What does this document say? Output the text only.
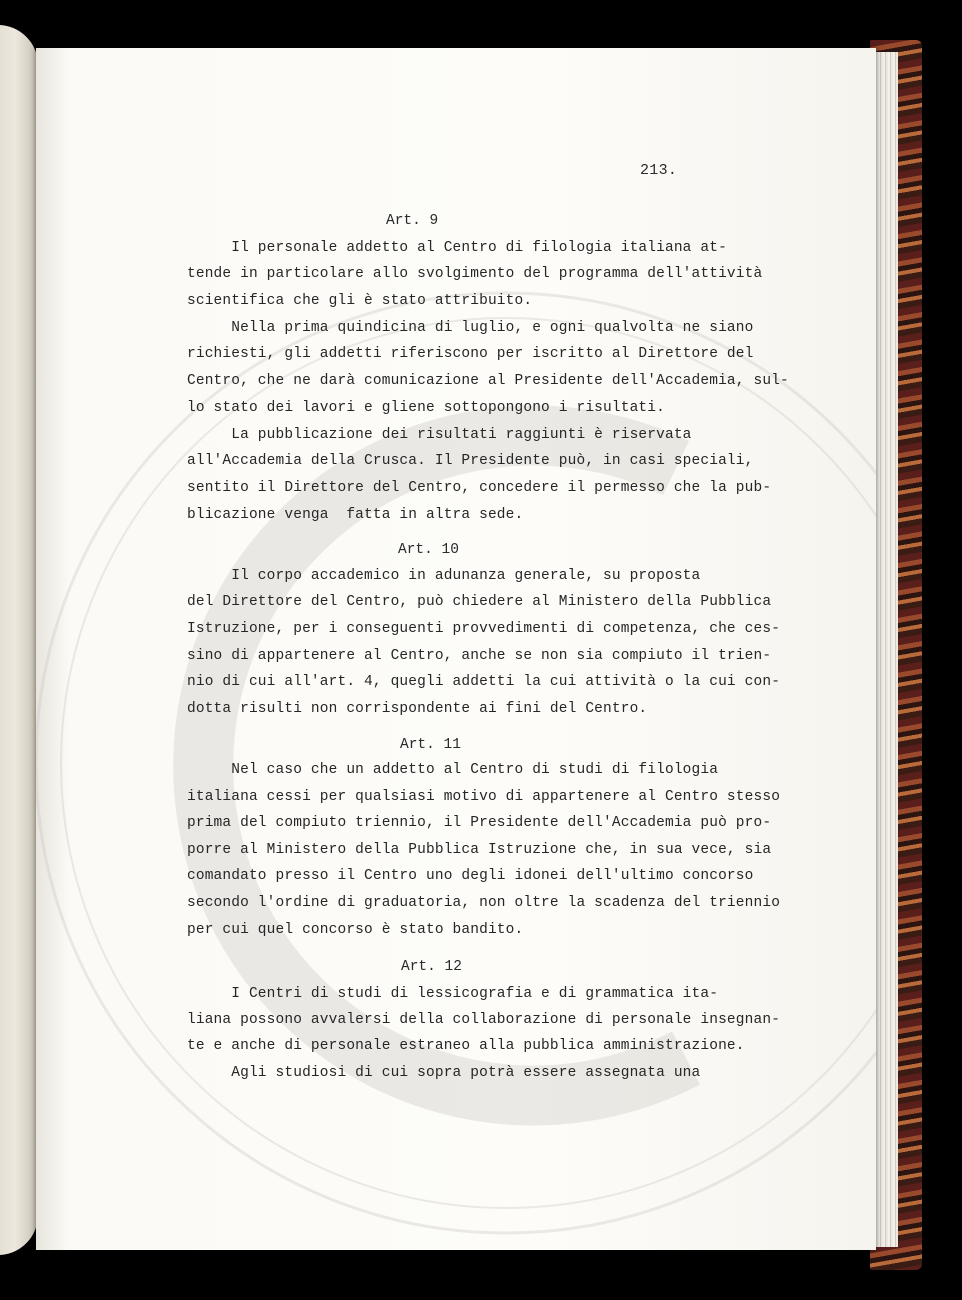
213.
Art. 9
Il personale addetto al Centro di filologia italiana at-
tende in particolare allo svolgimento del programma dell'attività
scientifica che gli è stato attribuito.
Nella prima quindicina di luglio, e ogni qualvolta ne siano
richiesti, gli addetti riferiscono per iscritto al Direttore del
Centro, che ne darà comunicazione al Presidente dell'Accademia, sul-
lo stato dei lavori e gliene sottopongono i risultati.
La pubblicazione dei risultati raggiunti è riservata
all'Accademia della Crusca. Il Presidente può, in casi speciali,
sentito il Direttore del Centro, concedere il permesso che la pub-
blicazione venga  fatta in altra sede.
Art. 10
Il corpo accademico in adunanza generale, su proposta
del Direttore del Centro, può chiedere al Ministero della Pubblica
Istruzione, per i conseguenti provvedimenti di competenza, che ces-
sino di appartenere al Centro, anche se non sia compiuto il trien-
nio di cui all'art. 4, quegli addetti la cui attività o la cui con-
dotta risulti non corrispondente ai fini del Centro.
Art. 11
Nel caso che un addetto al Centro di studi di filologia
italiana cessi per qualsiasi motivo di appartenere al Centro stesso
prima del compiuto triennio, il Presidente dell'Accademia può pro-
porre al Ministero della Pubblica Istruzione che, in sua vece, sia
comandato presso il Centro uno degli idonei dell'ultimo concorso
secondo l'ordine di graduatoria, non oltre la scadenza del triennio
per cui quel concorso è stato bandito.
Art. 12
I Centri di studi di lessicografia e di grammatica ita-
liana possono avvalersi della collaborazione di personale insegnan-
te e anche di personale estraneo alla pubblica amministrazione.
Agli studiosi di cui sopra potrà essere assegnata una
